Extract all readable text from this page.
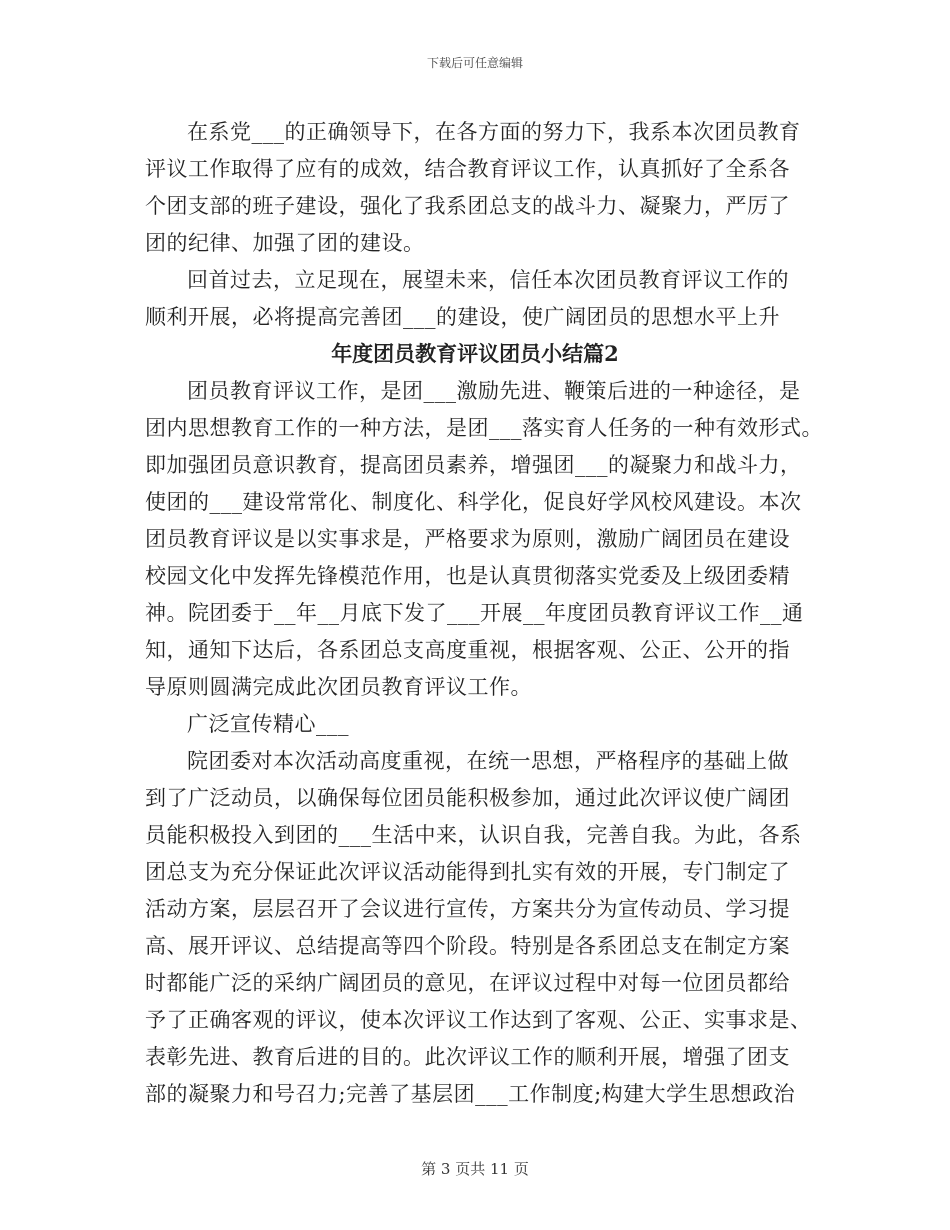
下载后可任意编辑
在系党___的正确领导下，在各方面的努力下，我系本次团员教育
评议工作取得了应有的成效，结合教育评议工作，认真抓好了全系各
个团支部的班子建设，强化了我系团总支的战斗力、凝聚力，严厉了
团的纪律、加强了团的建设。
回首过去，立足现在，展望未来，信任本次团员教育评议工作的
顺利开展，必将提高完善团___的建设，使广阔团员的思想水平上升
年度团员教育评议团员小结篇2
团员教育评议工作，是团___激励先进、鞭策后进的一种途径，是
团内思想教育工作的一种方法，是团___落实育人任务的一种有效形式。
即加强团员意识教育，提高团员素养，增强团___的凝聚力和战斗力，
使团的___建设常常化、制度化、科学化，促良好学风校风建设。本次
团员教育评议是以实事求是，严格要求为原则，激励广阔团员在建设
校园文化中发挥先锋模范作用，也是认真贯彻落实党委及上级团委精
神。院团委于__年__月底下发了___开展__年度团员教育评议工作__通
知，通知下达后，各系团总支高度重视，根据客观、公正、公开的指
导原则圆满完成此次团员教育评议工作。
广泛宣传精心___
院团委对本次活动高度重视，在统一思想，严格程序的基础上做
到了广泛动员，以确保每位团员能积极参加，通过此次评议使广阔团
员能积极投入到团的___生活中来，认识自我，完善自我。为此，各系
团总支为充分保证此次评议活动能得到扎实有效的开展，专门制定了
活动方案，层层召开了会议进行宣传，方案共分为宣传动员、学习提
高、展开评议、总结提高等四个阶段。特别是各系团总支在制定方案
时都能广泛的采纳广阔团员的意见，在评议过程中对每一位团员都给
予了正确客观的评议，使本次评议工作达到了客观、公正、实事求是、
表彰先进、教育后进的目的。此次评议工作的顺利开展，增强了团支
部的凝聚力和号召力;完善了基层团___工作制度;构建大学生思想政治
第 3 页共 11 页
